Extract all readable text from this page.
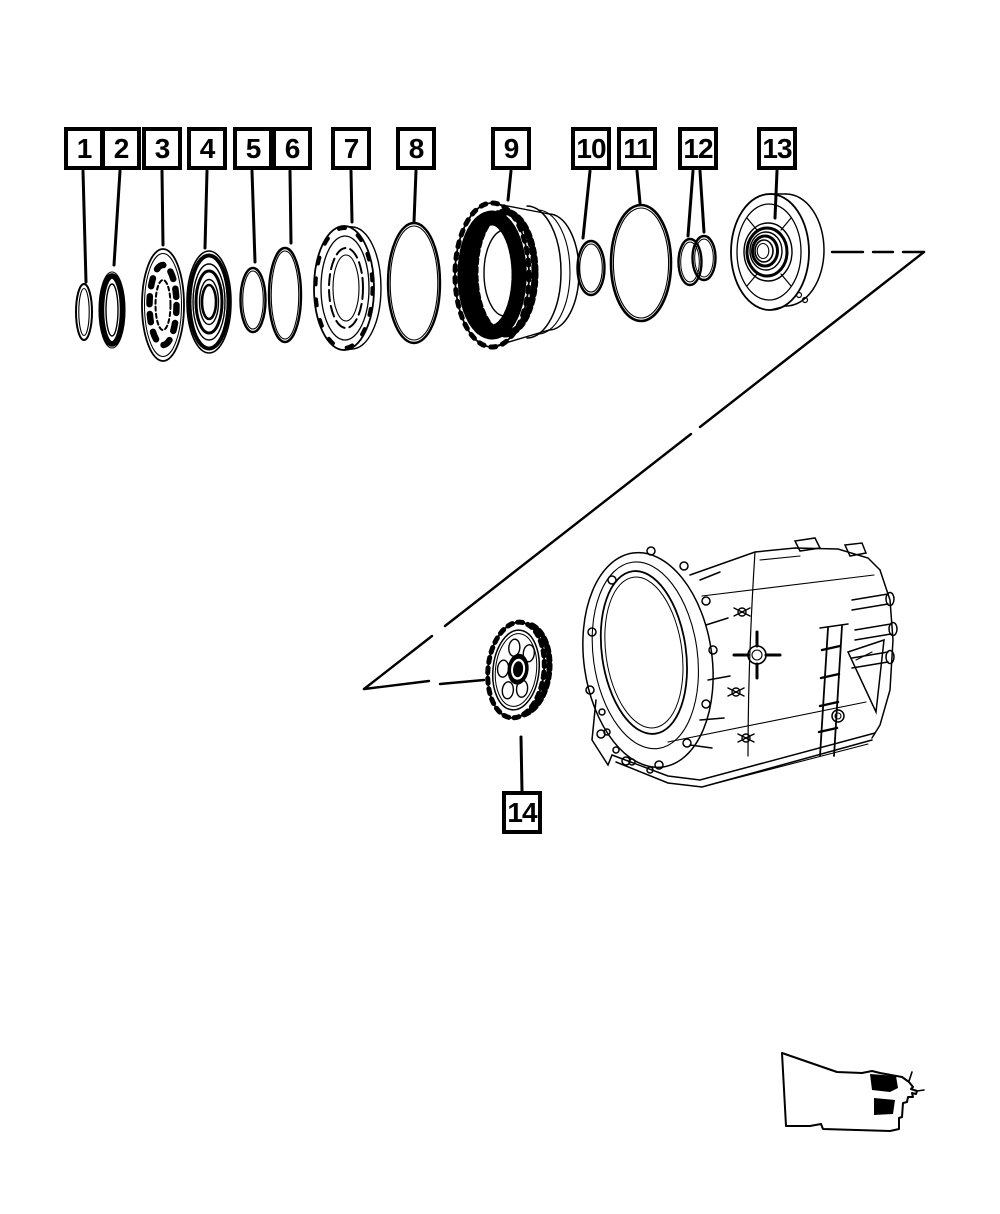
1 2 3 4 5 6 7 8	9 10 11 12 13
14
